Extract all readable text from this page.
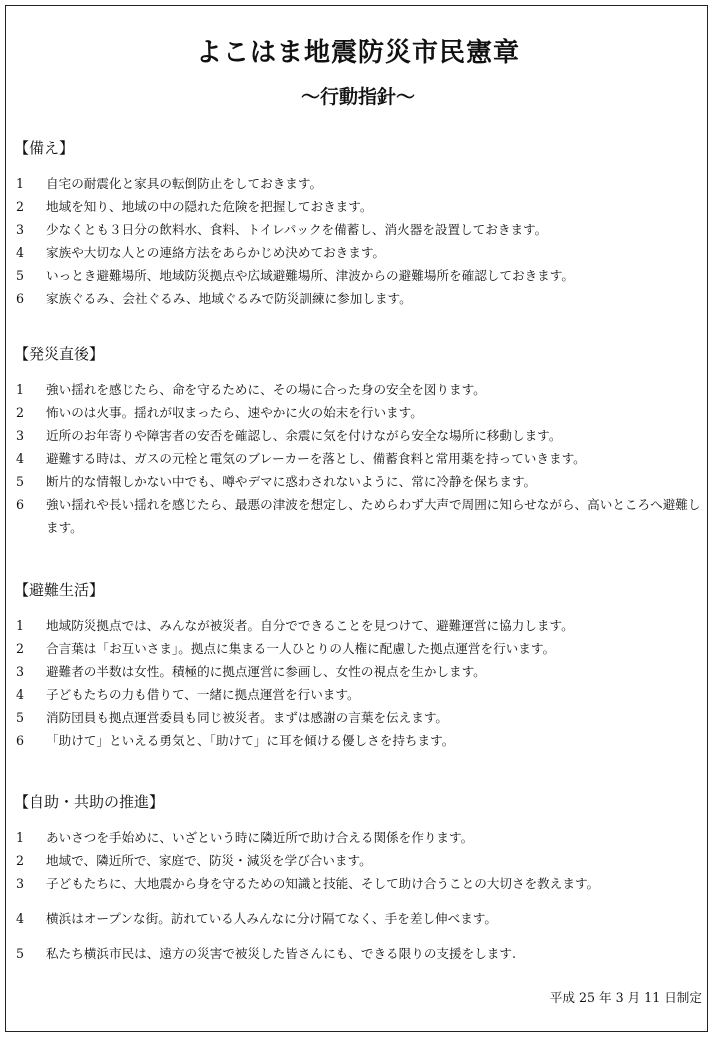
よこはま地震防災市民憲章
〜行動指針〜
【備え】
1	自宅の耐震化と家具の転倒防止をしておきます。
2	地域を知り、地域の中の隠れた危険を把握しておきます。
3	少なくとも３日分の飲料水、食料、トイレパックを備蓄し、消火器を設置しておきます。
4	家族や大切な人との連絡方法をあらかじめ決めておきます。
5	いっとき避難場所、地域防災拠点や広域避難場所、津波からの避難場所を確認しておきます。
6	家族ぐるみ、会社ぐるみ、地域ぐるみで防災訓練に参加します。
【発災直後】
1	強い揺れを感じたら、命を守るために、その場に合った身の安全を図ります。
2	怖いのは火事。揺れが収まったら、速やかに火の始末を行います。
3	近所のお年寄りや障害者の安否を確認し、余震に気を付けながら安全な場所に移動します。
4	避難する時は、ガスの元栓と電気のブレーカーを落とし、備蓄食料と常用薬を持っていきます。
5	断片的な情報しかない中でも、噂やデマに惑わされないように、常に冷静を保ちます。
6	強い揺れや長い揺れを感じたら、最悪の津波を想定し、ためらわず大声で周囲に知らせながら、高いところへ避難します。
【避難生活】
1	地域防災拠点では、みんなが被災者。自分でできることを見つけて、避難運営に協力します。
2	合言葉は「お互いさま」。拠点に集まる一人ひとりの人権に配慮した拠点運営を行います。
3	避難者の半数は女性。積極的に拠点運営に参画し、女性の視点を生かします。
4	子どもたちの力も借りて、一緒に拠点運営を行います。
5	消防団員も拠点運営委員も同じ被災者。まずは感謝の言葉を伝えます。
6	「助けて」といえる勇気と、「助けて」に耳を傾ける優しさを持ちます。
【自助・共助の推進】
1	あいさつを手始めに、いざという時に隣近所で助け合える関係を作ります。
2	地域で、隣近所で、家庭で、防災・減災を学び合います。
3	子どもたちに、大地震から身を守るための知識と技能、そして助け合うことの大切さを教えます。
4	横浜はオープンな街。訪れている人みんなに分け隔てなく、手を差し伸べます。
5	私たち横浜市民は、遠方の災害で被災した皆さんにも、できる限りの支援をします.
平成 25 年 3 月 11 日制定
